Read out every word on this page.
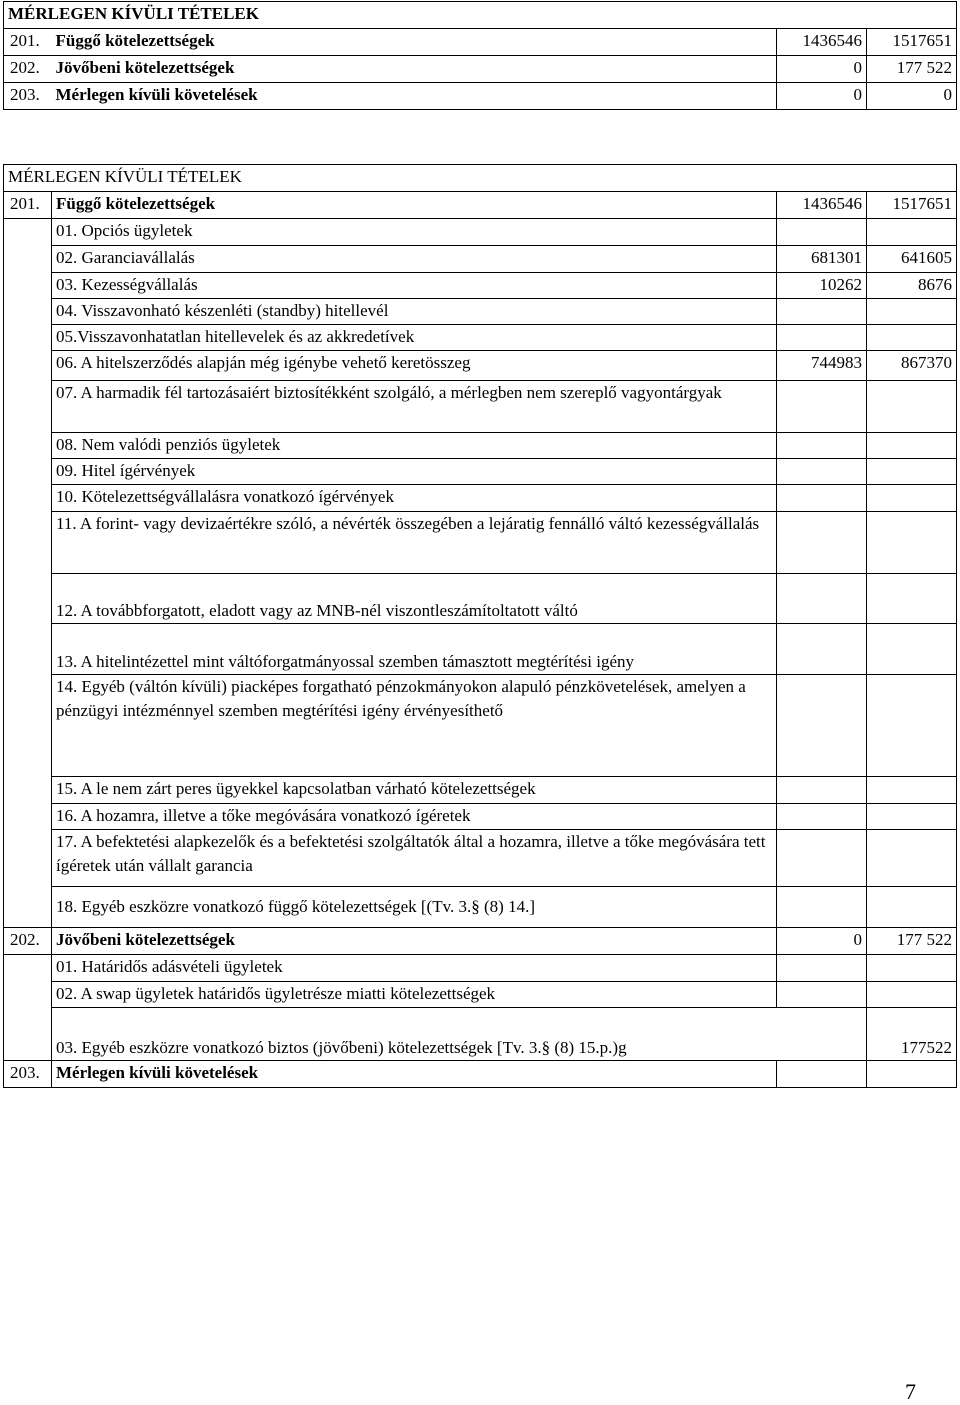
MÉRLEGEN KÍVÜLI TÉTELEK			
201.	Függő kötelezettségek	1436546	1517651
202.	Jövőbeni kötelezettségek	0	177 522
203.	Mérlegen kívüli követelések	0	0
MÉRLEGEN KÍVÜLI TÉTELEK			
201.	Függő kötelezettségek	1436546	1517651
	01. Opciós ügyletek		
	02. Garanciavállalás	681301	641605
	03. Kezességvállalás	10262	8676
	04. Visszavonható készenléti (standby) hitellevél		
	05.Visszavonhatatlan hitellevelek és az akkredetívek		
	06. A hitelszerződés alapján még igénybe vehető keretösszeg	744983	867370
	07. A harmadik fél tartozásaiért biztosítékként szolgáló, a mérlegben nem szereplő vagyontárgyak		
	08. Nem valódi penziós ügyletek		
	09. Hitel ígérvények		
	10. Kötelezettségvállalásra vonatkozó ígérvények		
	11. A forint- vagy devizaértékre szóló, a névérték összegében a lejáratig fennálló váltó kezességvállalás		
	12. A továbbforgatott, eladott vagy az MNB-nél viszontleszámítoltatott váltó		
	13. A hitelintézettel mint váltóforgatmányossal szemben támasztott megtérítési igény		
	14. Egyéb (váltón kívüli) piacképes forgatható pénzokmányokon alapuló pénzkövetelések, amelyen a pénzügyi intézménnyel szemben megtérítési igény érvényesíthető		
	15. A le nem zárt peres ügyekkel kapcsolatban várható kötelezettségek		
	16. A hozamra, illetve a tőke megóvására vonatkozó ígéretek		
	17. A befektetési alapkezelők és a befektetési szolgáltatók által a hozamra, illetve a tőke megóvására tett ígéretek után vállalt garancia		
	18. Egyéb eszközre vonatkozó függő kötelezettségek [(Tv. 3.§ (8) 14.]		
202.	Jövőbeni kötelezettségek	0	177 522
	01. Határidős adásvételi ügyletek		
	02. A swap ügyletek határidős ügyletrésze miatti kötelezettségek		
	03. Egyéb eszközre vonatkozó biztos (jövőbeni) kötelezettségek [Tv. 3.§ (8) 15.p.)g		177522
203.	Mérlegen kívüli követelések		
7
